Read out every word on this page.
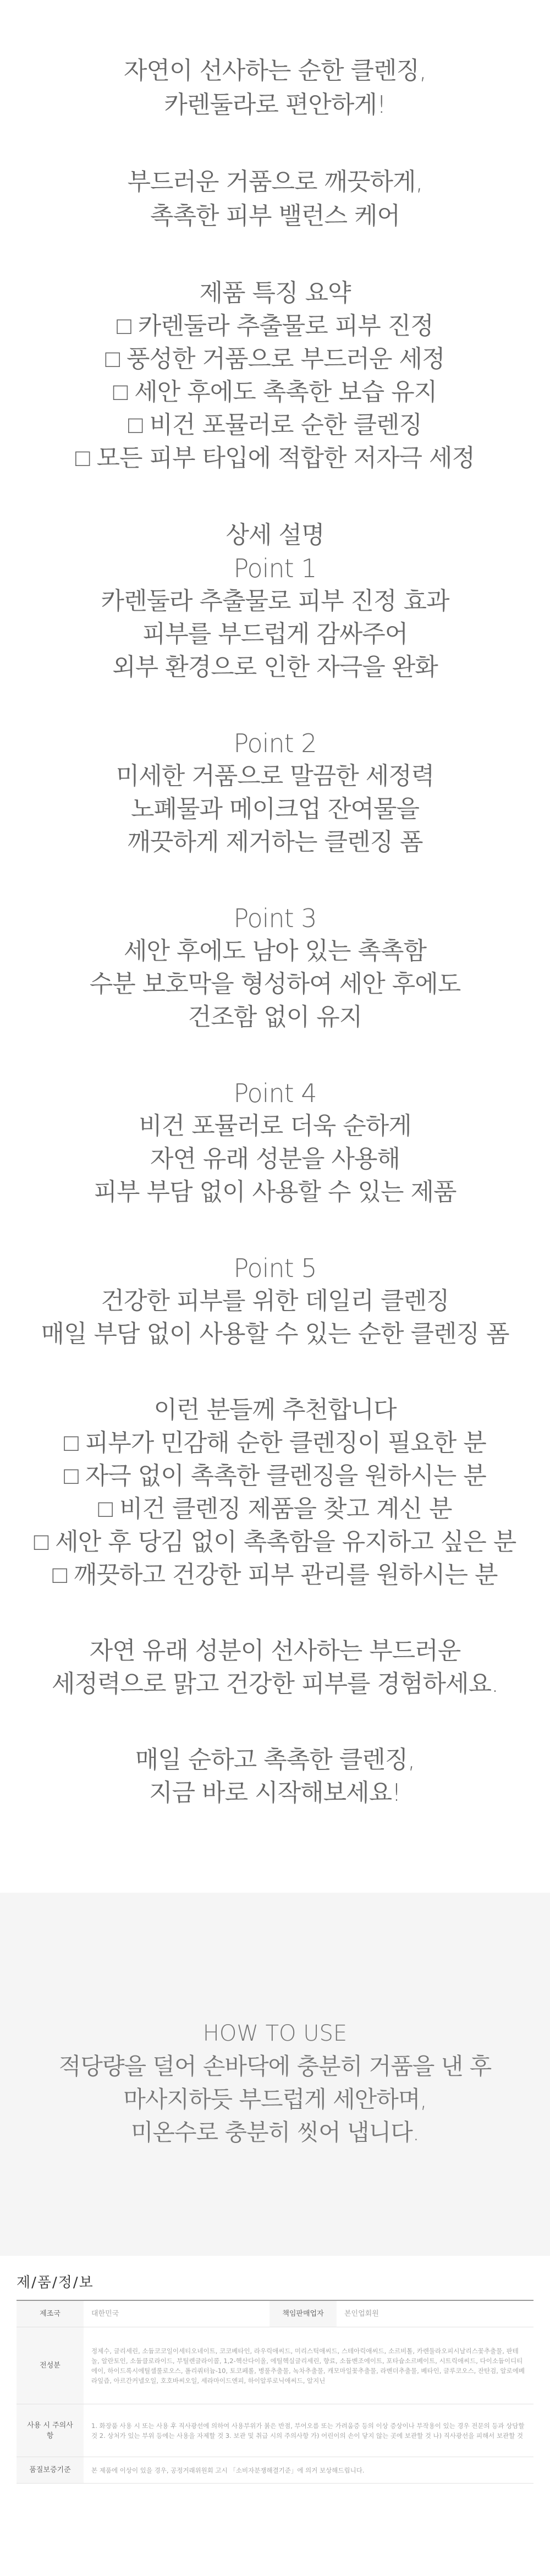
자연이 선사하는 순한 클렌징,
카렌둘라로 편안하게!
부드러운 거품으로 깨끗하게,
촉촉한 피부 밸런스 케어
제품 특징 요약
□ 카렌둘라 추출물로 피부 진정
□ 풍성한 거품으로 부드러운 세정
□ 세안 후에도 촉촉한 보습 유지
□ 비건 포뮬러로 순한 클렌징
□ 모든 피부 타입에 적합한 저자극 세정
상세 설명
Point 1
카렌둘라 추출물로 피부 진정 효과
피부를 부드럽게 감싸주어
외부 환경으로 인한 자극을 완화
Point 2
미세한 거품으로 말끔한 세정력
노폐물과 메이크업 잔여물을
깨끗하게 제거하는 클렌징 폼
Point 3
세안 후에도 남아 있는 촉촉함
수분 보호막을 형성하여 세안 후에도
건조함 없이 유지
Point 4
비건 포뮬러로 더욱 순하게
자연 유래 성분을 사용해
피부 부담 없이 사용할 수 있는 제품
Point 5
건강한 피부를 위한 데일리 클렌징
매일 부담 없이 사용할 수 있는 순한 클렌징 폼
이런 분들께 추천합니다
□ 피부가 민감해 순한 클렌징이 필요한 분
□ 자극 없이 촉촉한 클렌징을 원하시는 분
□ 비건 클렌징 제품을 찾고 계신 분
□ 세안 후 당김 없이 촉촉함을 유지하고 싶은 분
□ 깨끗하고 건강한 피부 관리를 원하시는 분
자연 유래 성분이 선사하는 부드러운
세정력으로 맑고 건강한 피부를 경험하세요.
매일 순하고 촉촉한 클렌징,
지금 바로 시작해보세요!
HOW TO USE
적당량을 덜어 손바닥에 충분히 거품을 낸 후
마사지하듯 부드럽게 세안하며,
미온수로 충분히 씻어 냅니다.
제/품/정/보
제조국	대한민국	책임판매업자	본인업회원
전성분	정제수, 글리세린, 소듐코코일이세티오네이트, 코코베타인, 라우릭애씨드, 미리스틱애씨드, 스테아릭애씨드, 소르비톨, 카렌둘라오피시날리스꽃추출물, 판테놀, 알란토인, 소듐클로라이드, 부틸렌글라이콜, 1,2-헥산다이올, 에틸헥실글리세린, 향료, 소듐벤조에이트, 포타슘소르베이트, 시트릭애씨드, 다이소듐이디티에이, 하이드록시에틸셀룰로오스, 폴리쿼터늄-10, 토코페롤, 병풀추출물, 녹차추출물, 캐모마일꽃추출물, 라벤더추출물, 베타인, 글루코오스, 잔탄검, 알로에베라잎즙, 아르간커넬오일, 호호바씨오일, 세라마이드엔피, 하이알루로닉애씨드, 알지닌		
사용 시 주의사항	1. 화장품 사용 시 또는 사용 후 직사광선에 의하여 사용부위가 붉은 반점, 부어오름 또는 가려움증 등의 이상 증상이나 부작용이 있는 경우 전문의 등과 상담할 것 2. 상처가 있는 부위 등에는 사용을 자제할 것 3. 보관 및 취급 시의 주의사항 가) 어린이의 손이 닿지 않는 곳에 보관할 것 나) 직사광선을 피해서 보관할 것		
품질보증기준	본 제품에 이상이 있을 경우, 공정거래위원회 고시 「소비자분쟁해결기준」에 의거 보상해드립니다.		
